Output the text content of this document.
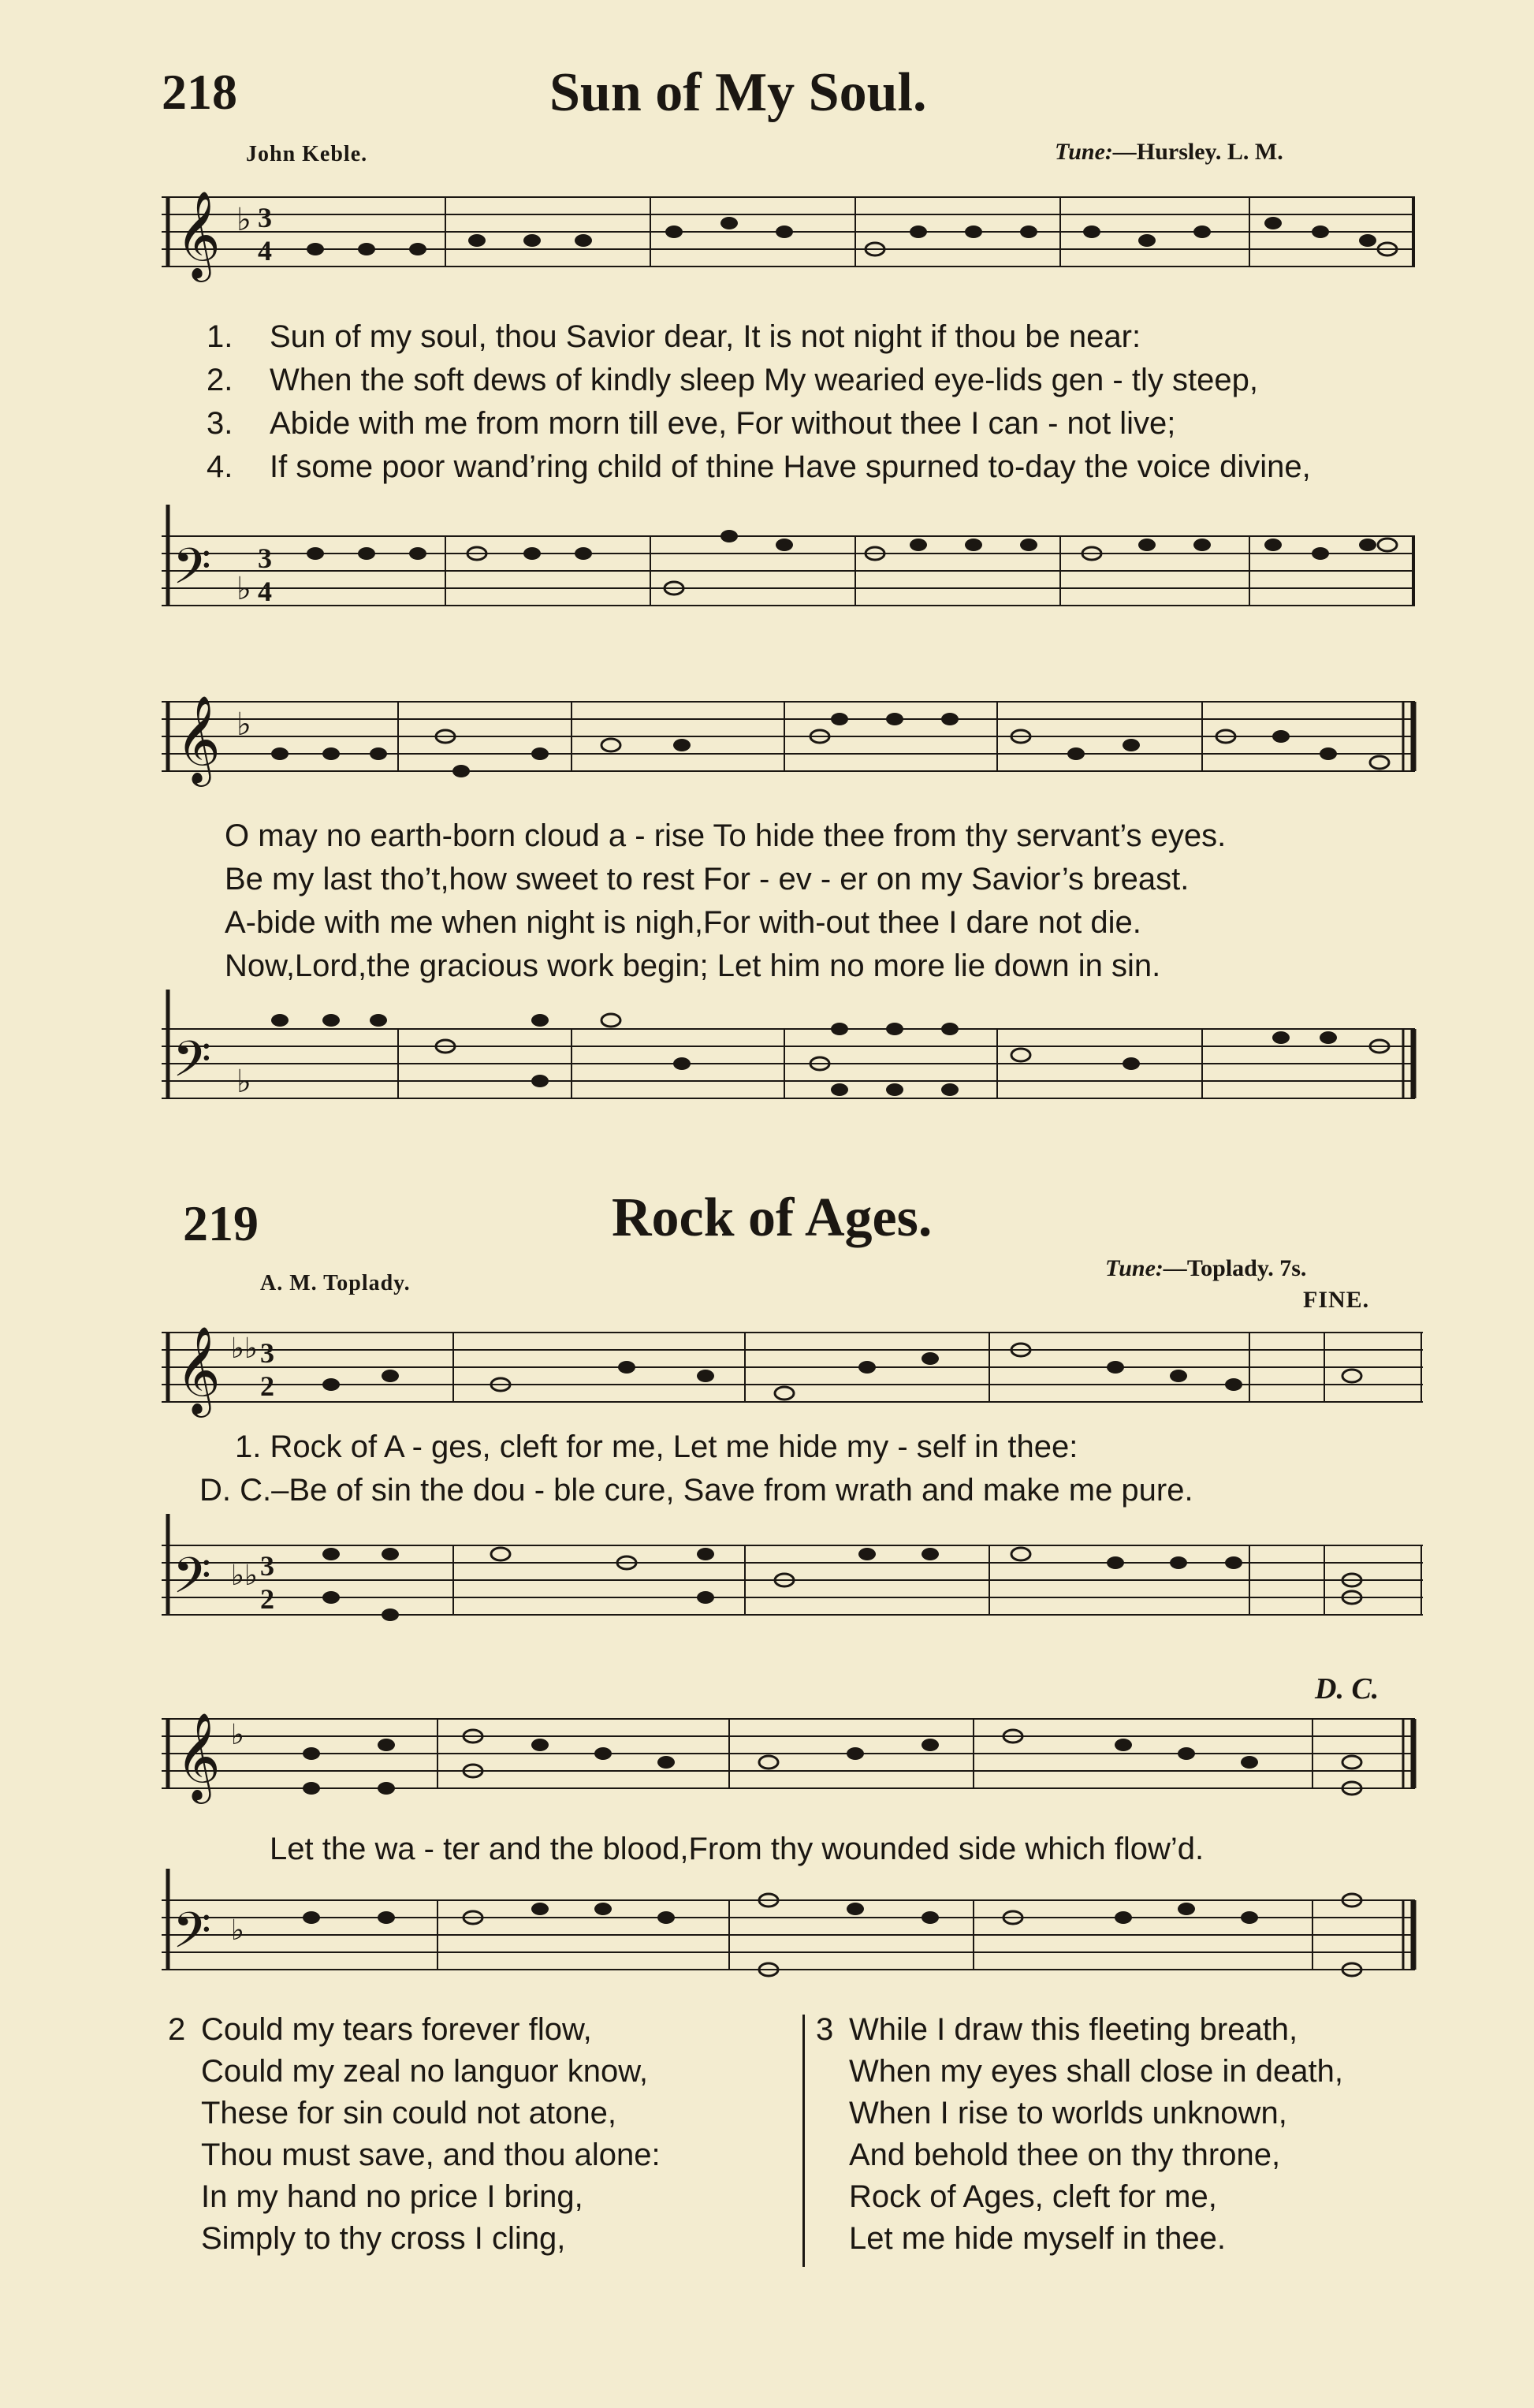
218	Sun of My Soul.
John Keble.	Tune:—Hursley. L. M.
𝄞 ♭ 3
4
1. Sun of my soul, thou Savior dear, It is not night if thou be near:
2. When the soft dews of kindly sleep My wearied eye-lids gen - tly steep,
3. Abide with me from morn till eve, For without thee I can - not live;
4. If some poor wand’ring child of thine Have spurned to-day the voice divine,
𝄢 ♭
3
4
𝄞 ♭
O may no earth-born cloud a - rise To hide thee from thy servant’s eyes.
Be my last tho’t,how sweet to rest For - ev - er on my Savior’s breast.
A-bide with me when night is nigh,For with-out thee I dare not die.
Now,Lord,the gracious work begin; Let him no more lie down in sin.
𝄢 ♭
219	Rock of Ages.
A. M. Toplady.
Tune:—Toplady. 7s.
FINE.
𝄞 ♭♭ 3
2
1. Rock of A - ges, cleft for me, Let me hide my - self in thee:
D. C.–Be of sin the dou - ble cure, Save from wrath and make me pure.
𝄢 ♭♭ 3
2
D. C.
𝄞 ♭
Let the wa - ter and the blood,From thy wounded side which flow’d.
𝄢 ♭
2 Could my tears forever flow,
Could my zeal no languor know,
These for sin could not atone,
Thou must save, and thou alone:
In my hand no price I bring,
Simply to thy cross I cling,
3 While I draw this fleeting breath,
When my eyes shall close in death,
When I rise to worlds unknown,
And behold thee on thy throne,
Rock of Ages, cleft for me,
Let me hide myself in thee.
